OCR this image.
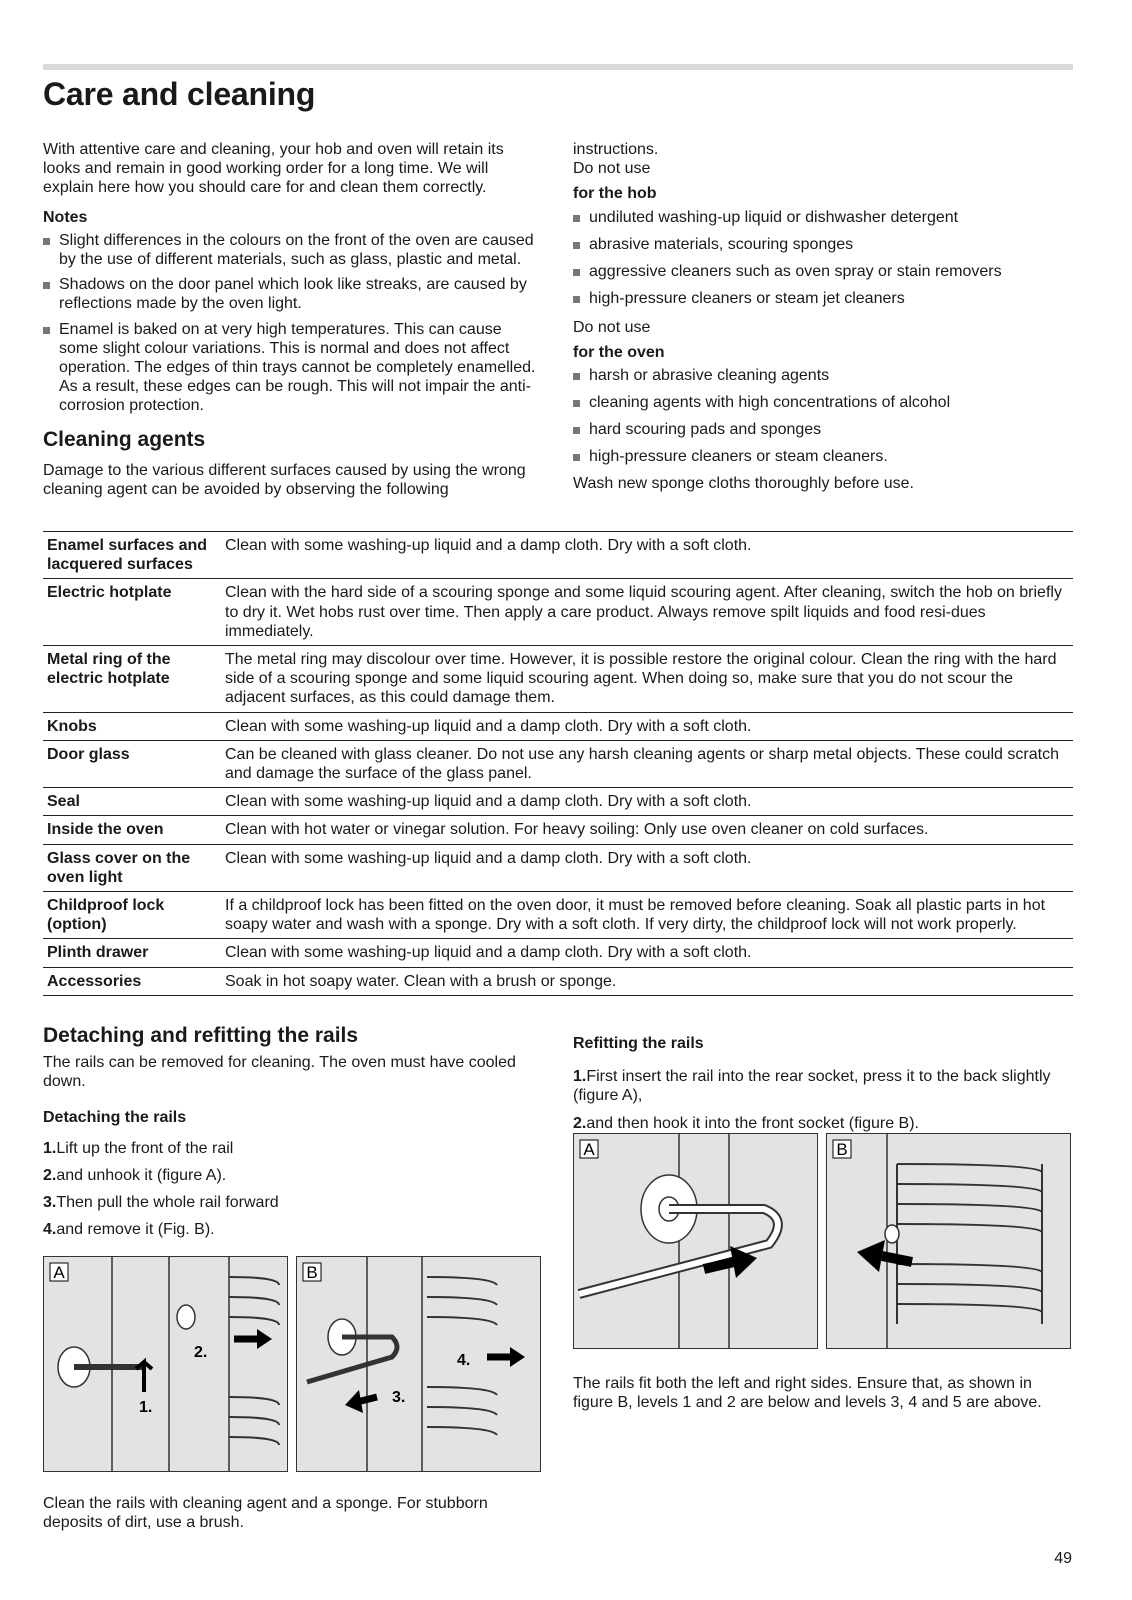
Care and cleaning

With attentive care and cleaning, your hob and oven will retain its looks and remain in good working order for a long time. We will explain here how you should care for and clean them correctly.

Notes
Slight differences in the colours on the front of the oven are caused by the use of different materials, such as glass, plastic and metal.
Shadows on the door panel which look like streaks, are caused by reflections made by the oven light.
Enamel is baked on at very high temperatures. This can cause some slight colour variations. This is normal and does not affect operation. The edges of thin trays cannot be completely enamelled. As a result, these edges can be rough. This will not impair the anti-corrosion protection.
Cleaning agents

Damage to the various different surfaces caused by using the wrong cleaning agent can be avoided by observing the following

instructions.

Do not use

for the hob
undiluted washing-up liquid or dishwasher detergent
abrasive materials, scouring sponges
aggressive cleaners such as oven spray or stain removers
high-pressure cleaners or steam jet cleaners

Do not use

for the oven
harsh or abrasive cleaning agents
cleaning agents with high concentrations of alcohol
hard scouring pads and sponges
high-pressure cleaners or steam cleaners.

Wash new sponge cloths thoroughly before use.

Enamel surfaces and lacquered surfaces	Clean with some washing-up liquid and a damp cloth. Dry with a soft cloth.
Electric hotplate	Clean with the hard side of a scouring sponge and some liquid scouring agent. After cleaning, switch the hob on briefly to dry it. Wet hobs rust over time. Then apply a care product. Always remove spilt liquids and food resi-dues immediately.
Metal ring of the electric hotplate	The metal ring may discolour over time. However, it is possible restore the original colour. Clean the ring with the hard side of a scouring sponge and some liquid scouring agent. When doing so, make sure that you do not scour the adjacent surfaces, as this could damage them.
Knobs	Clean with some washing-up liquid and a damp cloth. Dry with a soft cloth.
Door glass	Can be cleaned with glass cleaner. Do not use any harsh cleaning agents or sharp metal objects. These could scratch and damage the surface of the glass panel.
Seal	Clean with some washing-up liquid and a damp cloth. Dry with a soft cloth.
Inside the oven	Clean with hot water or vinegar solution. For heavy soiling: Only use oven cleaner on cold surfaces.
Glass cover on the oven light	Clean with some washing-up liquid and a damp cloth. Dry with a soft cloth.
Childproof lock (option)	If a childproof lock has been fitted on the oven door, it must be removed before cleaning. Soak all plastic parts in hot soapy water and wash with a sponge. Dry with a soft cloth. If very dirty, the childproof lock will not work properly.
Plinth drawer	Clean with some washing-up liquid and a damp cloth. Dry with a soft cloth.
Accessories	Soak in hot soapy water. Clean with a brush or sponge.
Detaching and refitting the rails

The rails can be removed for cleaning. The oven must have cooled down.

Detaching the rails
1.Lift up the front of the rail
2.and unhook it (figure A).
3.Then pull the whole rail forward
4.and remove it (Fig. B).
A
1.
2.
B
3.
4.

Clean the rails with cleaning agent and a sponge. For stubborn deposits of dirt, use a brush.

Refitting the rails
1.First insert the rail into the rear socket, press it to the back slightly (figure A),
2.and then hook it into the front socket (figure B).
A	B

The rails fit both the left and right sides. Ensure that, as shown in figure B, levels 1 and 2 are below and levels 3, 4 and 5 are above.

49
